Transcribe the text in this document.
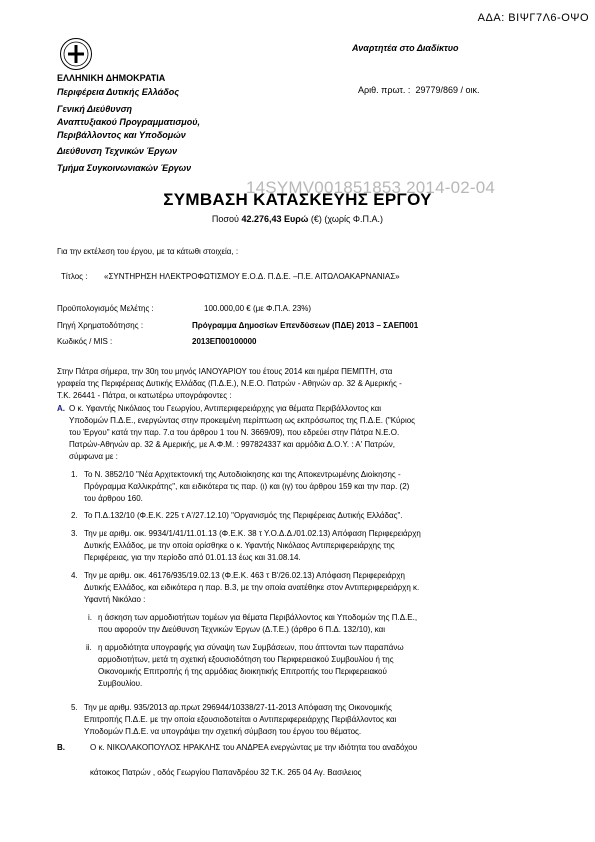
ΑΔΑ: ΒΙΨΓ7Λ6-ΟΨΟ
Αναρτητέα στο Διαδίκτυο
ΕΛΛΗΝΙΚΗ ΔΗΜΟΚΡΑΤΙΑ
Περιφέρεια Δυτικής Ελλάδος
Γενική Διεύθυνση
Αναπτυξιακού Προγραμματισμού,
Περιβάλλοντος και Υποδομών
Διεύθυνση Τεχνικών Έργων
Τμήμα Συγκοινωνιακών Έργων
Αριθ. πρωτ. : 29779/869 / οικ.
14SYMV001851853 2014-02-04
ΣΥΜΒΑΣΗ ΚΑΤΑΣΚΕΥΗΣ ΕΡΓΟΥ
Ποσού 42.276,43 Ευρώ (€) (χωρίς Φ.Π.Α.)
Για την εκτέλεση του έργου, με τα κάτωθι στοιχεία, :
Τίτλος : «ΣΥΝΤΗΡΗΣΗ ΗΛΕΚΤΡΟΦΩΤΙΣΜΟΥ Ε.Ο.Δ. Π.Δ.Ε. –Π.Ε. ΑΙΤΩΛΟΑΚΑΡΝΑΝΙΑΣ»
Προϋπολογισμός Μελέτης :	100.000,00 € (με Φ.Π.Α. 23%)
Πηγή Χρηματοδότησης :	Πρόγραμμα Δημοσίων Επενδύσεων (ΠΔΕ) 2013 – ΣΑΕΠ001
Κωδικός / MIS :	2013ΕΠ00100000
Στην Πάτρα σήμερα, την 30η του μηνός ΙΑΝΟΥΑΡΙΟΥ του έτους 2014 και ημέρα ΠΕΜΠΤΗ, στα
γραφεία της Περιφέρειας Δυτικής Ελλάδας (Π.Δ.Ε.), Ν.Ε.Ο. Πατρών - Αθηνών αρ. 32 & Αμερικής -
Τ.Κ. 26441 - Πάτρα, οι κατωτέρω υπογράφοντες :
Α. Ο κ. Υφαντής Νικόλαος του Γεωργίου, Αντιπεριφερειάρχης για θέματα Περιβάλλοντος και
Υποδομών Π.Δ.Ε., ενεργώντας στην προκειμένη περίπτωση ως εκπρόσωπος της Π.Δ.Ε. ("Κύριος
του Έργου" κατά την παρ. 7.α του άρθρου 1 του Ν. 3669/09), που εδρεύει στην Πάτρα Ν.Ε.Ο.
Πατρών-Αθηνών αρ. 32 & Αμερικής, με Α.Φ.Μ. : 997824337 και αρμόδια Δ.Ο.Υ. : Α' Πατρών,
σύμφωνα με :
1. Το Ν. 3852/10 "Νέα Αρχιτεκτονική της Αυτοδιοίκησης και της Αποκεντρωμένης Διοίκησης -
Πρόγραμμα Καλλικράτης", και ειδικότερα τις παρ. (ι) και (ιγ) του άρθρου 159 και την παρ. (2)
του άρθρου 160.
2. Το Π.Δ.132/10 (Φ.Ε.Κ. 225 τ Α'/27.12.10) "Οργανισμός της Περιφέρειας Δυτικής Ελλάδας".
3. Την με αριθμ. οικ. 9934/1/41/11.01.13 (Φ.Ε.Κ. 38 τ Υ.Ο.Δ.Δ./01.02.13) Απόφαση Περιφερειάρχη
Δυτικής Ελλάδος, με την οποία ορίσθηκε ο κ. Υφαντής Νικόλαος Αντιπεριφερειάρχης της
Περιφέρειας, για την περίοδο από 01.01.13 έως και 31.08.14.
4. Την με αριθμ. οικ. 46176/935/19.02.13 (Φ.Ε.Κ. 463 τ Β'/26.02.13) Απόφαση Περιφερειάρχη
Δυτικής Ελλάδος, και ειδικότερα η παρ. Β.3, με την οποία ανατέθηκε στον Αντιπεριφερειάρχη κ.
Υφαντή Νικόλαο :
i. η άσκηση των αρμοδιοτήτων τομέων για θέματα Περιβάλλοντος και Υποδομών της Π.Δ.Ε.,
που αφορούν την Διεύθυνση Τεχνικών Έργων (Δ.Τ.Ε.) (άρθρο 6 Π.Δ. 132/10), και
ii. η αρμοδιότητα υπογραφής για σύναψη των Συμβάσεων, που άπτονται των παραπάνω
αρμοδιοτήτων, μετά τη σχετική εξουσιοδότηση του Περιφερειακού Συμβουλίου ή της
Οικονομικής Επιτροπής ή της αρμόδιας διοικητικής Επιτροπής του Περιφερειακού
Συμβουλίου.
5. Την με αριθμ. 935/2013 αρ.πρωτ 296944/10338/27-11-2013 Απόφαση της Οικονομικής
Επιτροπής Π.Δ.Ε. με την οποία εξουσιοδοτείται ο Αντιπεριφερειάρχης Περιβάλλοντος και
Υποδομών Π.Δ.Ε. να υπογράψει την σχετική σύμβαση του έργου του θέματος.
Β.	Ο κ. ΝΙΚΟΛΑΚΟΠΟΥΛΟΣ ΗΡΑΚΛΗΣ του ΑΝΔΡΕΑ ενεργώντας με την ιδιότητα του αναδόχου
κάτοικος Πατρών , οδός Γεωργίου Παπανδρέου 32 Τ.Κ. 265 04 Αγ. Βασιλειος
